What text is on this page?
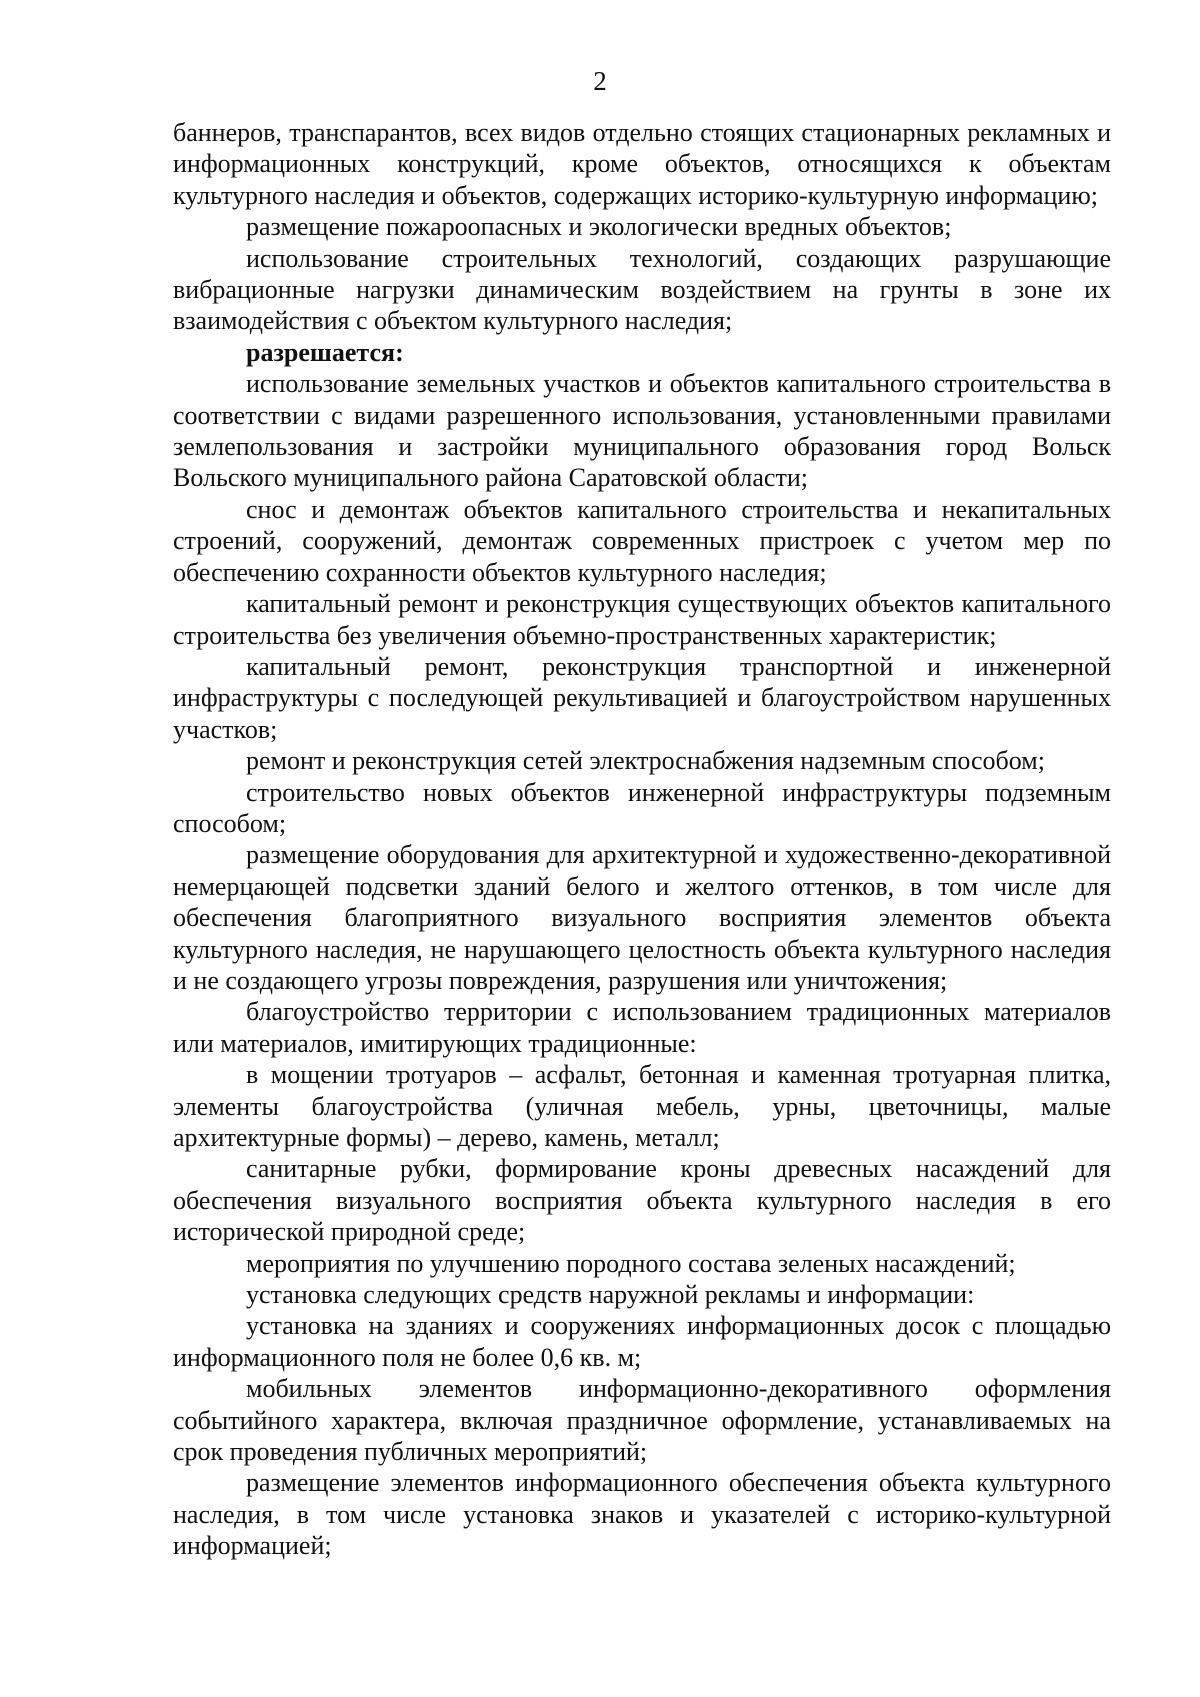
2

баннеров, транспарантов, всех видов отдельно стоящих стационарных рекламных и информационных конструкций, кроме объектов, относящихся к объектам культурного наследия и объектов, содержащих историко-культурную информацию;

размещение пожароопасных и экологически вредных объектов;

использование строительных технологий, создающих разрушающие вибрационные нагрузки динамическим воздействием на грунты в зоне их взаимодействия с объектом культурного наследия;

разрешается:

использование земельных участков и объектов капитального строительства в соответствии с видами разрешенного использования, установленными правилами землепользования и застройки муниципального образования город Вольск Вольского муниципального района Саратовской области;

снос и демонтаж объектов капитального строительства и некапитальных строений, сооружений, демонтаж современных пристроек с учетом мер по обеспечению сохранности объектов культурного наследия;

капитальный ремонт и реконструкция существующих объектов капитального строительства без увеличения объемно-пространственных характеристик;

капитальный ремонт, реконструкция транспортной и инженерной инфраструктуры с последующей рекультивацией и благоустройством нарушенных участков;

ремонт и реконструкция сетей электроснабжения надземным способом;

строительство новых объектов инженерной инфраструктуры подземным способом;

размещение оборудования для архитектурной и художественно-декоративной немерцающей подсветки зданий белого и желтого оттенков, в том числе для обеспечения благоприятного визуального восприятия элементов объекта культурного наследия, не нарушающего целостность объекта культурного наследия и не создающего угрозы повреждения, разрушения или уничтожения;

благоустройство территории с использованием традиционных материалов или материалов, имитирующих традиционные:

в мощении тротуаров – асфальт, бетонная и каменная тротуарная плитка, элементы благоустройства (уличная мебель, урны, цветочницы, малые архитектурные формы) – дерево, камень, металл;

санитарные рубки, формирование кроны древесных насаждений для обеспечения визуального восприятия объекта культурного наследия в его исторической природной среде;

мероприятия по улучшению породного состава зеленых насаждений;

установка следующих средств наружной рекламы и информации:

установка на зданиях и сооружениях информационных досок с площадью информационного поля не более 0,6 кв. м;

мобильных элементов информационно-декоративного оформления событийного характера, включая праздничное оформление, устанавливаемых на срок проведения публичных мероприятий;

размещение элементов информационного обеспечения объекта культурного наследия, в том числе установка знаков и указателей с историко-культурной информацией;
